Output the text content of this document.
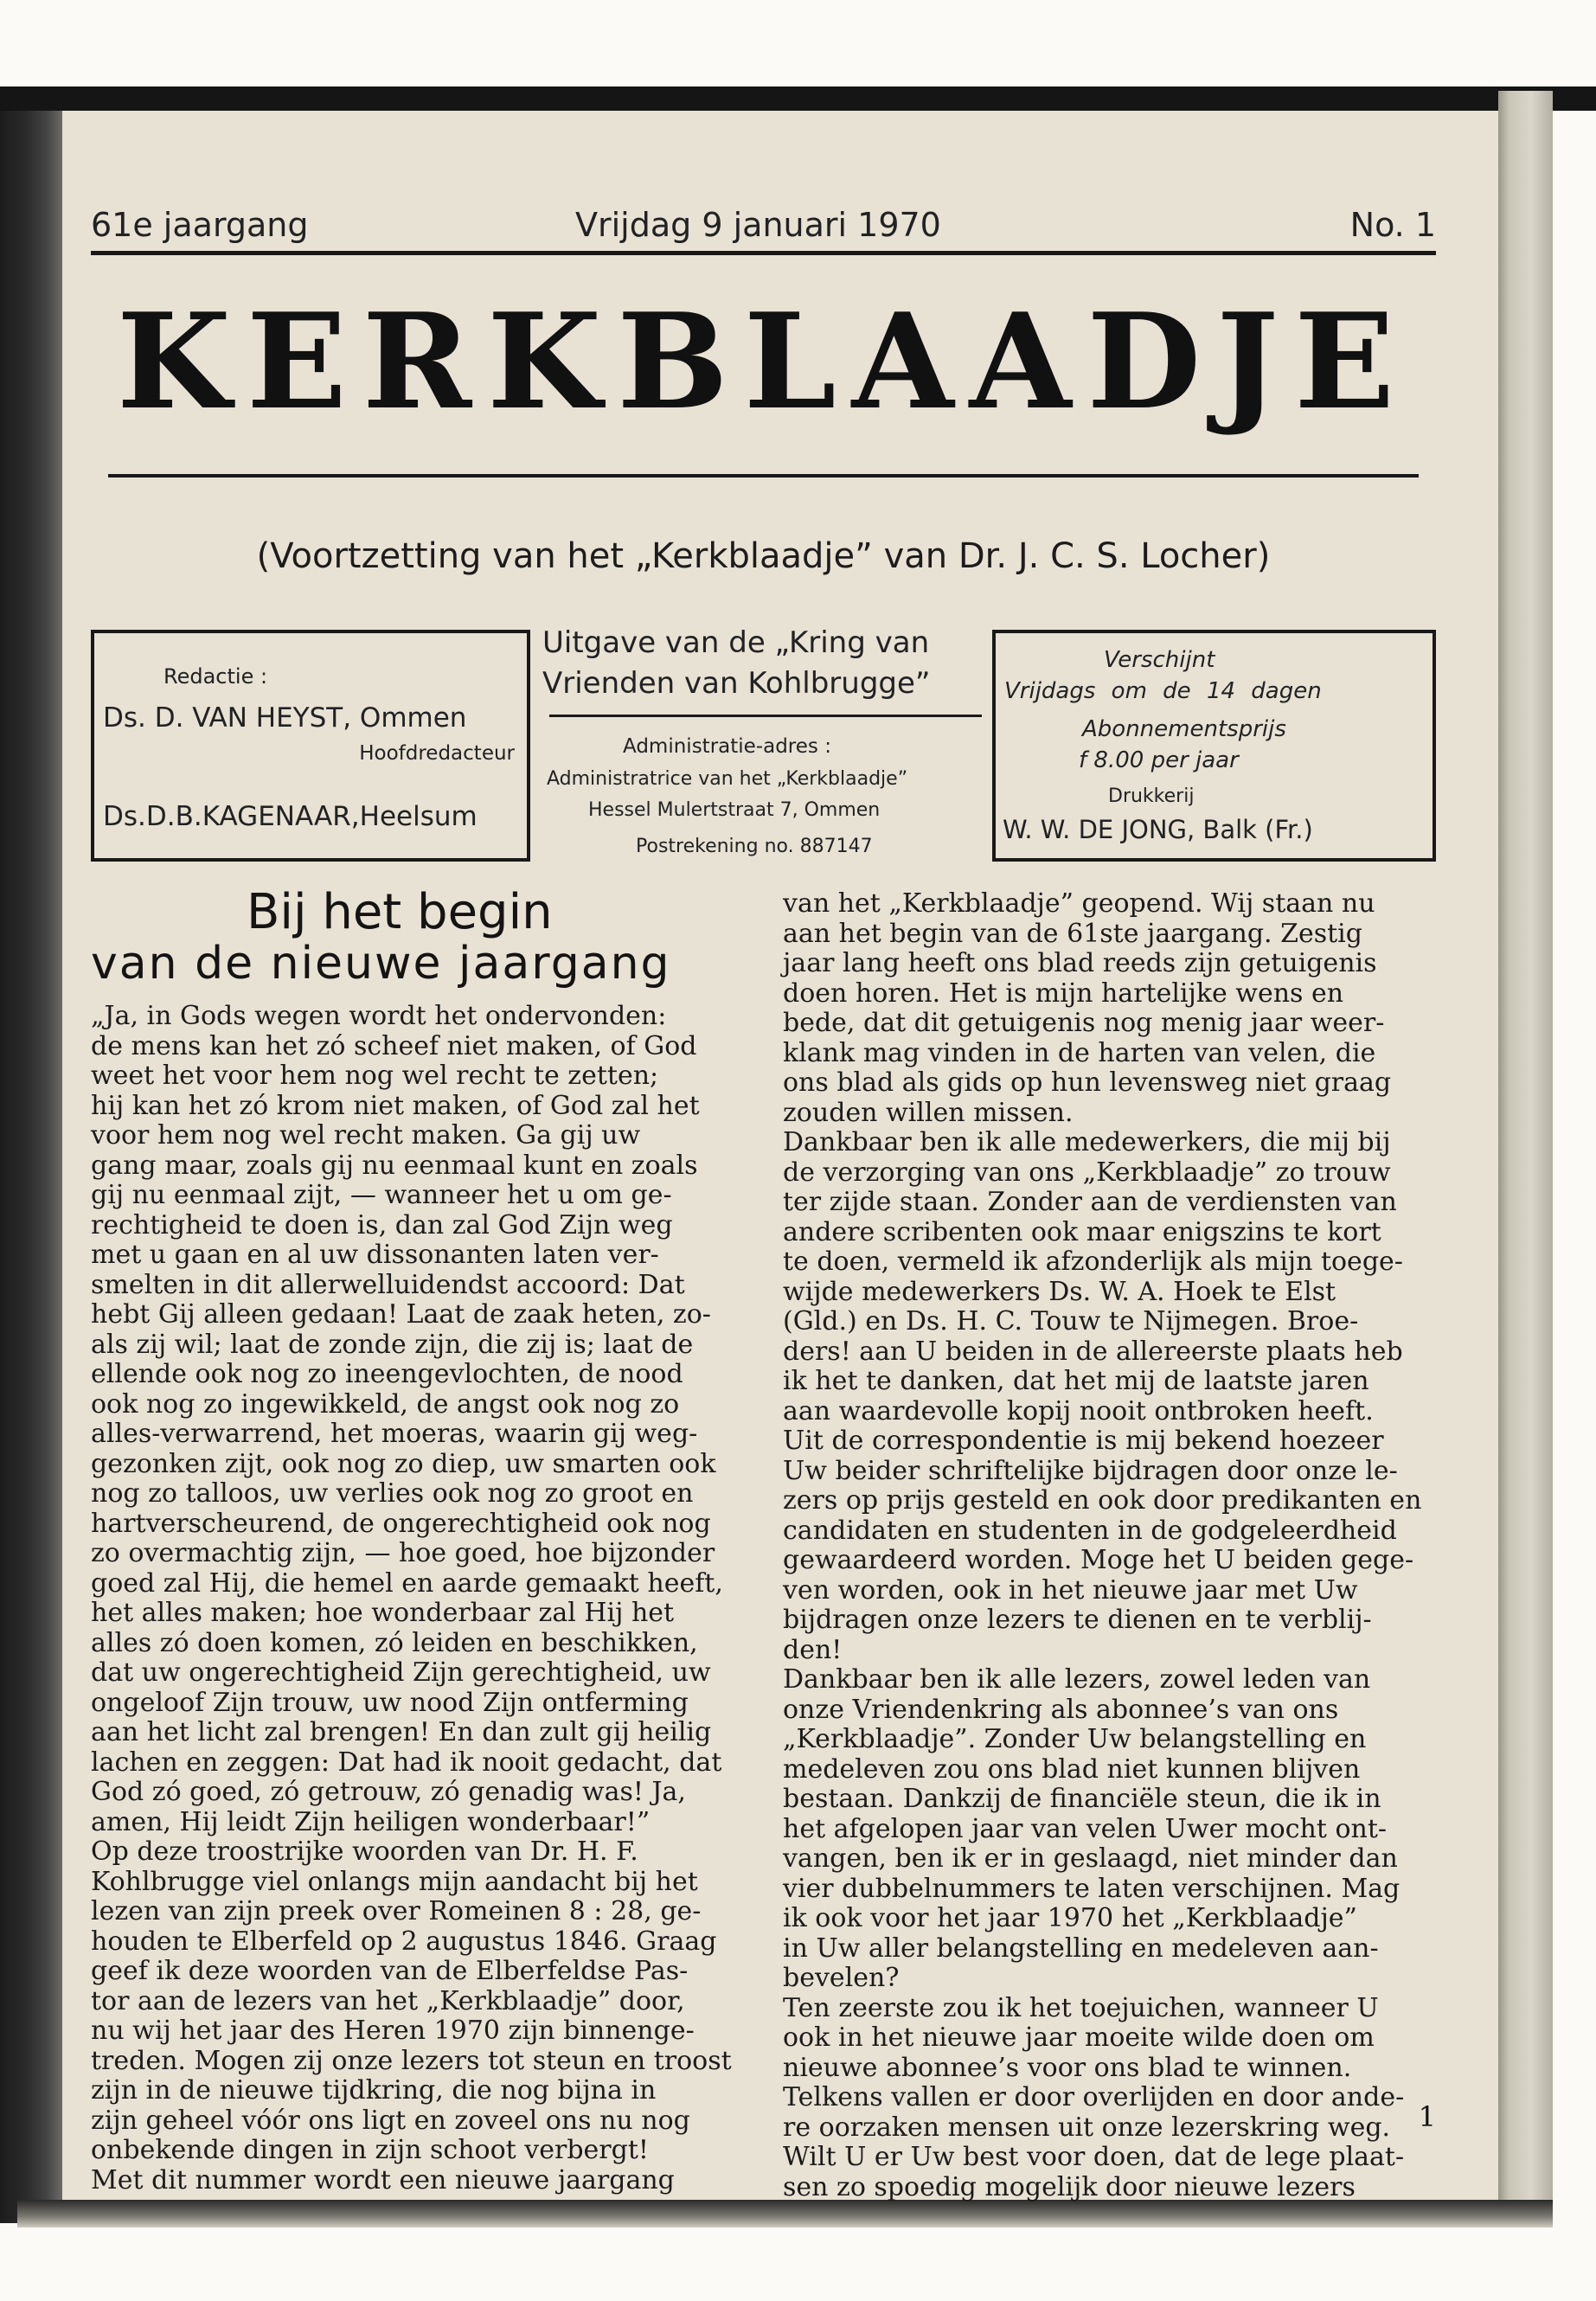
61e jaargang	Vrijdag 9 januari 1970	No. 1
KERKBLAADJE
(Voortzetting van het „Kerkblaadje” van Dr. J. C. S. Locher)
Redactie :
Ds. D. VAN HEYST, Ommen
Hoofdredacteur
Ds.D.B.KAGENAAR,Heelsum
Uitgave van de „Kring van
Vrienden van Kohlbrugge”
Administratie-adres :
Administratrice van het „Kerkblaadje”
Hessel Mulertstraat 7, Ommen
Postrekening no. 887147
Verschijnt
Vrijdags om de 14 dagen
Abonnementsprijs
f 8.00 per jaar
Drukkerij
W. W. DE JONG, Balk (Fr.)
Bij het begin
van de nieuwe jaargang

„Ja, in Gods wegen wordt het ondervonden:

de mens kan het zó scheef niet maken, of God

weet het voor hem nog wel recht te zetten;

hij kan het zó krom niet maken, of God zal het

voor hem nog wel recht maken. Ga gij uw

gang maar, zoals gij nu eenmaal kunt en zoals

gij nu eenmaal zijt, — wanneer het u om ge-

rechtigheid te doen is, dan zal God Zijn weg

met u gaan en al uw dissonanten laten ver-

smelten in dit allerwelluidendst accoord: Dat

hebt Gij alleen gedaan! Laat de zaak heten, zo-

als zij wil; laat de zonde zijn, die zij is; laat de

ellende ook nog zo ineengevlochten, de nood

ook nog zo ingewikkeld, de angst ook nog zo

alles-verwarrend, het moeras, waarin gij weg-

gezonken zijt, ook nog zo diep, uw smarten ook

nog zo talloos, uw verlies ook nog zo groot en

hartverscheurend, de ongerechtigheid ook nog

zo overmachtig zijn, — hoe goed, hoe bijzonder

goed zal Hij, die hemel en aarde gemaakt heeft,

het alles maken; hoe wonderbaar zal Hij het

alles zó doen komen, zó leiden en beschikken,

dat uw ongerechtigheid Zijn gerechtigheid, uw

ongeloof Zijn trouw, uw nood Zijn ontferming

aan het licht zal brengen! En dan zult gij heilig

lachen en zeggen: Dat had ik nooit gedacht, dat

God zó goed, zó getrouw, zó genadig was! Ja,

amen, Hij leidt Zijn heiligen wonderbaar!”

Op deze troostrijke woorden van Dr. H. F.

Kohlbrugge viel onlangs mijn aandacht bij het

lezen van zijn preek over Romeinen 8 : 28, ge-

houden te Elberfeld op 2 augustus 1846. Graag

geef ik deze woorden van de Elberfeldse Pas-

tor aan de lezers van het „Kerkblaadje” door,

nu wij het jaar des Heren 1970 zijn binnenge-

treden. Mogen zij onze lezers tot steun en troost

zijn in de nieuwe tijdkring, die nog bijna in

zijn geheel vóór ons ligt en zoveel ons nu nog

onbekende dingen in zijn schoot verbergt!

Met dit nummer wordt een nieuwe jaargang

van het „Kerkblaadje” geopend. Wij staan nu

aan het begin van de 61ste jaargang. Zestig

jaar lang heeft ons blad reeds zijn getuigenis

doen horen. Het is mijn hartelijke wens en

bede, dat dit getuigenis nog menig jaar weer-

klank mag vinden in de harten van velen, die

ons blad als gids op hun levensweg niet graag

zouden willen missen.

Dankbaar ben ik alle medewerkers, die mij bij

de verzorging van ons „Kerkblaadje” zo trouw

ter zijde staan. Zonder aan de verdiensten van

andere scribenten ook maar enigszins te kort

te doen, vermeld ik afzonderlijk als mijn toege-

wijde medewerkers Ds. W. A. Hoek te Elst

(Gld.) en Ds. H. C. Touw te Nijmegen. Broe-

ders! aan U beiden in de allereerste plaats heb

ik het te danken, dat het mij de laatste jaren

aan waardevolle kopij nooit ontbroken heeft.

Uit de correspondentie is mij bekend hoezeer

Uw beider schriftelijke bijdragen door onze le-

zers op prijs gesteld en ook door predikanten en

candidaten en studenten in de godgeleerdheid

gewaardeerd worden. Moge het U beiden gege-

ven worden, ook in het nieuwe jaar met Uw

bijdragen onze lezers te dienen en te verblij-

den!

Dankbaar ben ik alle lezers, zowel leden van

onze Vriendenkring als abonnee’s van ons

„Kerkblaadje”. Zonder Uw belangstelling en

medeleven zou ons blad niet kunnen blijven

bestaan. Dankzij de financiële steun, die ik in

het afgelopen jaar van velen Uwer mocht ont-

vangen, ben ik er in geslaagd, niet minder dan

vier dubbelnummers te laten verschijnen. Mag

ik ook voor het jaar 1970 het „Kerkblaadje”

in Uw aller belangstelling en medeleven aan-

bevelen?

Ten zeerste zou ik het toejuichen, wanneer U

ook in het nieuwe jaar moeite wilde doen om

nieuwe abonnee’s voor ons blad te winnen.

Telkens vallen er door overlijden en door ande-

re oorzaken mensen uit onze lezerskring weg.

Wilt U er Uw best voor doen, dat de lege plaat-

sen zo spoedig mogelijk door nieuwe lezers

1
